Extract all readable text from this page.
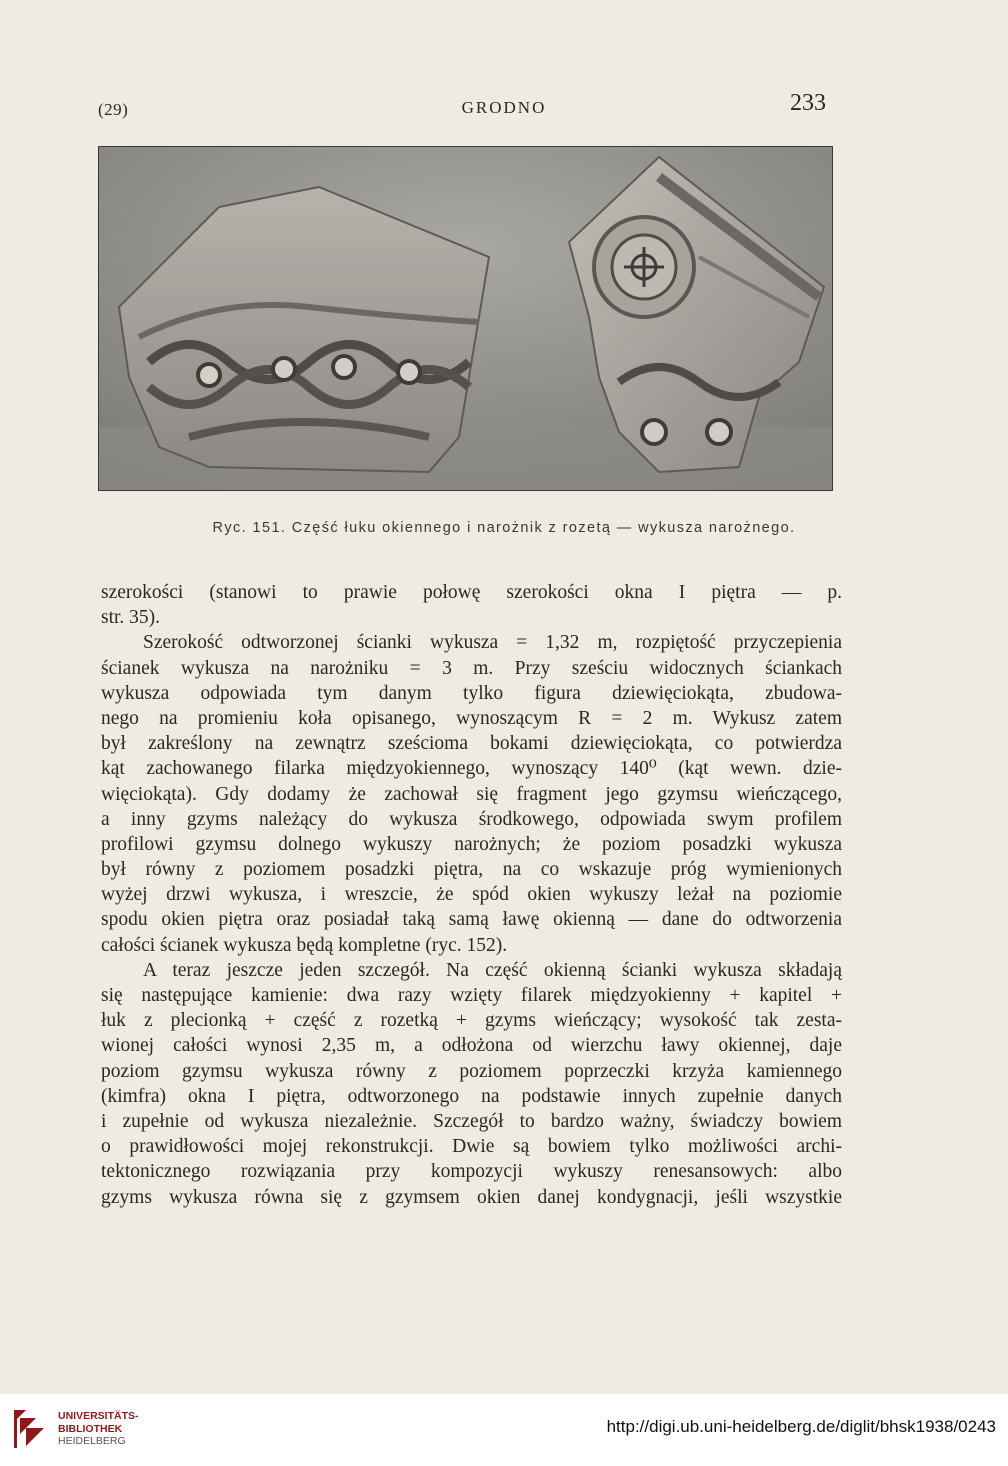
(29)	GRODNO	233
Ryc. 151. Część łuku okiennego i narożnik z rozetą — wykusza narożnego.
szerokości (stanowi to prawie połowę szerokości okna I piętra — p.
str. 35).
Szerokość odtworzonej ścianki wykusza = 1,32 m, rozpiętość przyczepienia
ścianek wykusza na narożniku = 3 m. Przy sześciu widocznych ściankach
wykusza odpowiada tym danym tylko figura dziewięciokąta, zbudowa-
nego na promieniu koła opisanego, wynoszącym R = 2 m. Wykusz zatem
był zakreślony na zewnątrz sześcioma bokami dziewięciokąta, co potwierdza
kąt zachowanego filarka międzyokiennego, wynoszący 140⁰ (kąt wewn. dzie-
więciokąta). Gdy dodamy że zachował się fragment jego gzymsu wieńczącego,
a inny gzyms należący do wykusza środkowego, odpowiada swym profilem
profilowi gzymsu dolnego wykuszy narożnych; że poziom posadzki wykusza
był równy z poziomem posadzki piętra, na co wskazuje próg wymienionych
wyżej drzwi wykusza, i wreszcie, że spód okien wykuszy leżał na poziomie
spodu okien piętra oraz posiadał taką samą ławę okienną — dane do odtworzenia
całości ścianek wykusza będą kompletne (ryc. 152).
A teraz jeszcze jeden szczegół. Na część okienną ścianki wykusza składają
się następujące kamienie: dwa razy wzięty filarek międzyokienny + kapitel +
łuk z plecionką + część z rozetką + gzyms wieńczący; wysokość tak zesta-
wionej całości wynosi 2,35 m, a odłożona od wierzchu ławy okiennej, daje
poziom gzymsu wykusza równy z poziomem poprzeczki krzyża kamiennego
(kimfra) okna I piętra, odtworzonego na podstawie innych zupełnie danych
i zupełnie od wykusza niezależnie. Szczegół to bardzo ważny, świadczy bowiem
o prawidłowości mojej rekonstrukcji. Dwie są bowiem tylko możliwości archi-
tektonicznego rozwiązania przy kompozycji wykuszy renesansowych: albo
gzyms wykusza równa się z gzymsem okien danej kondygnacji, jeśli wszystkie
UNIVERSITÄTS-
BIBLIOTHEK
HEIDELBERG
http://digi.ub.uni-heidelberg.de/diglit/bhsk1938/0243
